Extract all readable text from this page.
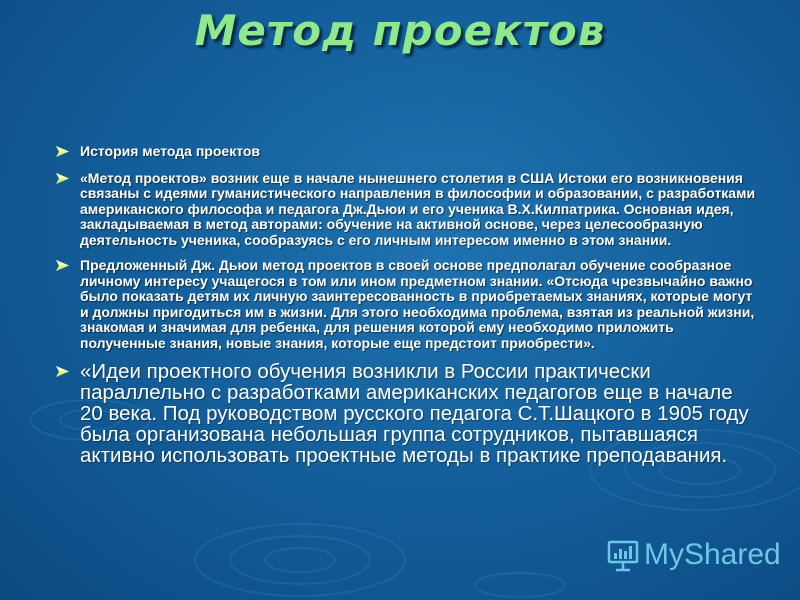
Метод проектов
История метода проектов
«Метод проектов» возник еще в начале нынешнего столетия в США Истоки его возникновения связаны с идеями гуманистического направления в философии и образовании, с разработками американского философа и педагога Дж.Дьюи и его ученика В.Х.Килпатрика. Основная идея, закладываемая в метод авторами: обучение на активной основе, через целесообразную деятельность ученика, сообразуясь с его личным интересом именно в этом знании.
Предложенный Дж. Дьюи метод проектов в своей основе предполагал обучение сообразное личному интересу учащегося в том или ином предметном знании. «Отсюда чрезвычайно важно было показать детям их личную заинтересованность в приобретаемых знаниях, которые могут и должны пригодиться им в жизни. Для этого необходима проблема, взятая из реальной жизни, знакомая и значимая для ребенка, для решения которой ему необходимо приложить полученные знания, новые знания, которые еще предстоит приобрести».
«Идеи проектного обучения возникли в России практически параллельно с разработками американских педагогов еще в начале 20 века. Под руководством русского педагога С.Т.Шацкого в 1905 году была организована небольшая группа сотрудников, пытавшаяся активно использовать проектные методы в практике преподавания.
MyShared
